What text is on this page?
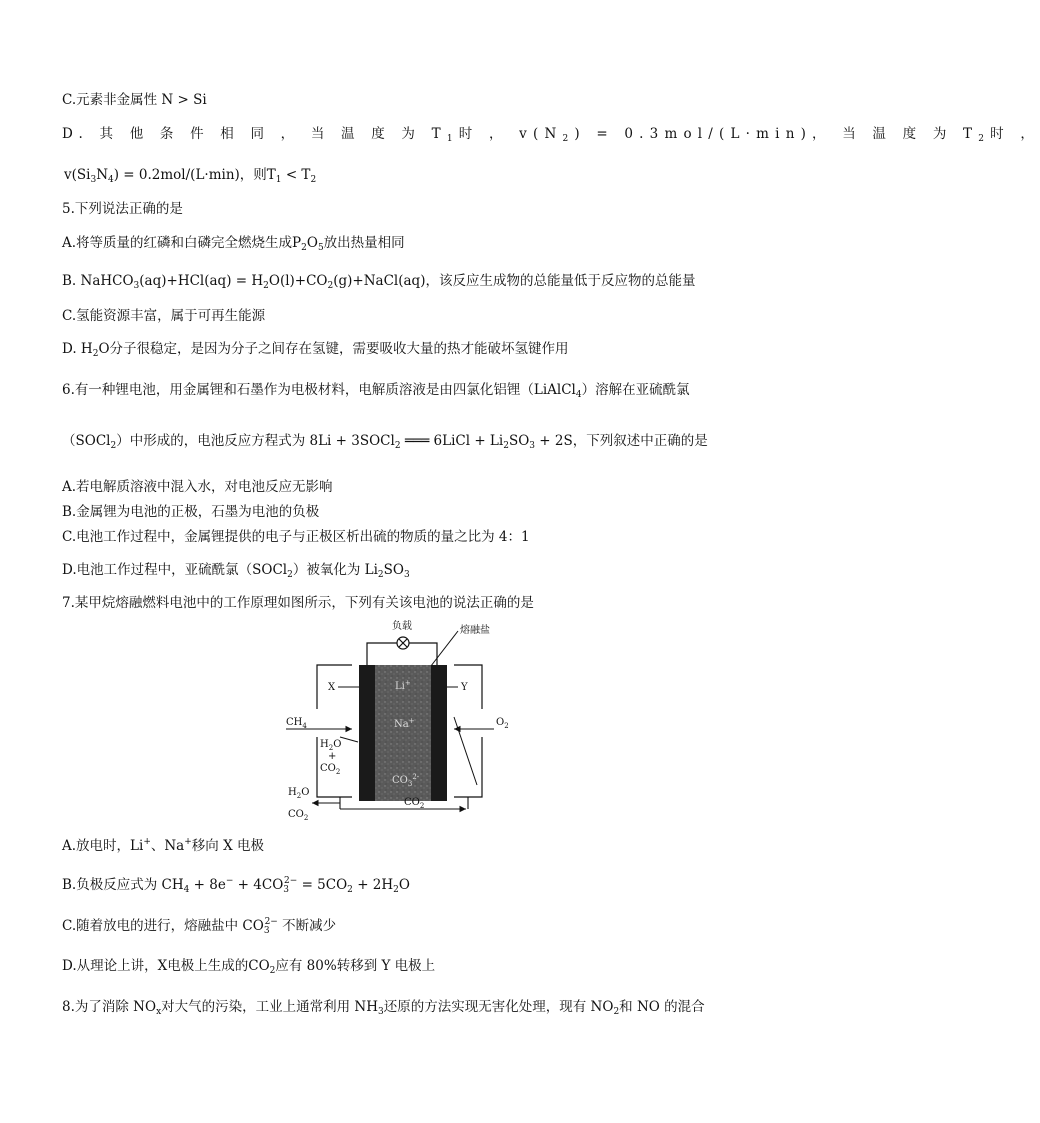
C.元素非金属性 N > Si
D. 其 他 条 件 相 同 ， 当 温 度 为 $T_1$时 ， $v(N_2) = 0.3mol/(L\cdot\min)$， 当 温 度 为 $T_2$时 ，
$v(Si_3N_4) = 0.2mol/(L\cdot\min)$，则$T_1 < T_2$
5.下列说法正确的是
A.将等质量的红磷和白磷完全燃烧生成$P_2O_5$放出热量相同
B. NaHCO$_3$(aq)+HCl(aq) = $H_2O(l)+CO_2(g)+NaCl(aq)$，该反应生成物的总能量低于反应物的总能量
C.氢能资源丰富，属于可再生能源
D. $H_2O$分子很稳定，是因为分子之间存在氢键，需要吸收大量的热才能破坏氢键作用
6.有一种锂电池，用金属锂和石墨作为电极材料，电解质溶液是由四氯化铝锂（LiAlCl$_4$）溶解在亚硫酰氯
（SOCl$_2$）中形成的，电池反应方程式为 8Li + 3SOCl$_2$ ═══ 6LiCl + $Li_2SO_3 + 2S$，下列叙述中正确的是
A.若电解质溶液中混入水，对电池反应无影响
B.金属锂为电池的正极，石墨为电池的负极
C.电池工作过程中，金属锂提供的电子与正极区析出硫的物质的量之比为 4：1
D.电池工作过程中，亚硫酰氯（SOCl$_2$）被氧化为 $Li_2SO_3$
7.某甲烷熔融燃料电池中的工作原理如图所示，下列有关该电池的说法正确的是
负载	熔融盐
Li+
Na+
$CO_3^{2-}$
X	Y
$CH_4$
$H_2O$
+
$CO_2$
$O_2$
$CO_2$
$H_2O$
$CO_2$
A.放电时，Li+、Na+移向 X 电极
B.负极反应式为 $CH_4 + 8e^- + 4CO_3^{2-} = 5CO_2 + 2H_2O$
C.随着放电的进行，熔融盐中 $CO_3^{2-}$ 不断减少
D.从理论上讲，X电极上生成的$CO_2$应有 80%转移到 Y 电极上
8.为了消除 $NO_x$对大气的污染，工业上通常利用 $NH_3$还原的方法实现无害化处理，现有 $NO_2$和 NO 的混合
